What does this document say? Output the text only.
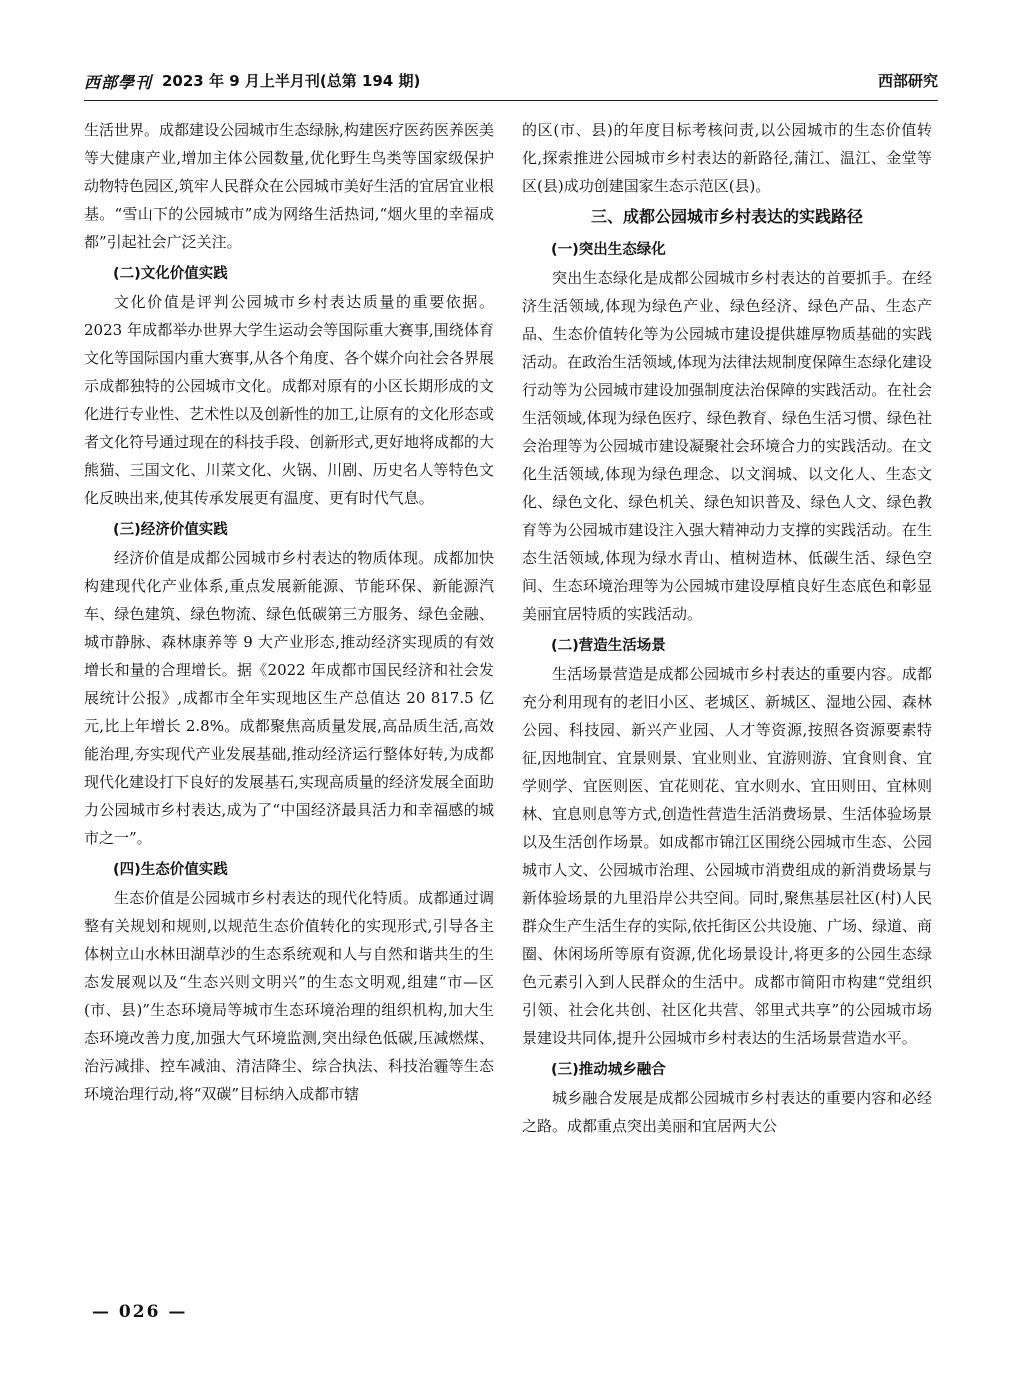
西部學刊 2023 年 9 月上半月刊(总第 194 期)	西部研究

生活世界。成都建设公园城市生态绿脉,构建医疗医药医养医美等大健康产业,增加主体公园数量,优化野生鸟类等国家级保护动物特色园区,筑牢人民群众在公园城市美好生活的宜居宜业根基。“雪山下的公园城市”成为网络生活热词,“烟火里的幸福成都”引起社会广泛关注。

(二)文化价值实践

文化价值是评判公园城市乡村表达质量的重要依据。2023 年成都举办世界大学生运动会等国际重大赛事,围绕体育文化等国际国内重大赛事,从各个角度、各个媒介向社会各界展示成都独特的公园城市文化。成都对原有的小区长期形成的文化进行专业性、艺术性以及创新性的加工,让原有的文化形态或者文化符号通过现在的科技手段、创新形式,更好地将成都的大熊猫、三国文化、川菜文化、火锅、川剧、历史名人等特色文化反映出来,使其传承发展更有温度、更有时代气息。

(三)经济价值实践

经济价值是成都公园城市乡村表达的物质体现。成都加快构建现代化产业体系,重点发展新能源、节能环保、新能源汽车、绿色建筑、绿色物流、绿色低碳第三方服务、绿色金融、城市静脉、森林康养等 9 大产业形态,推动经济实现质的有效增长和量的合理增长。据《2022 年成都市国民经济和社会发展统计公报》,成都市全年实现地区生产总值达 20 817.5 亿元,比上年增长 2.8%。成都聚焦高质量发展,高品质生活,高效能治理,夯实现代产业发展基础,推动经济运行整体好转,为成都现代化建设打下良好的发展基石,实现高质量的经济发展全面助力公园城市乡村表达,成为了“中国经济最具活力和幸福感的城市之一”。

(四)生态价值实践

生态价值是公园城市乡村表达的现代化特质。成都通过调整有关规划和规则,以规范生态价值转化的实现形式,引导各主体树立山水林田湖草沙的生态系统观和人与自然和谐共生的生态发展观以及“生态兴则文明兴”的生态文明观,组建“市—区(市、县)”生态环境局等城市生态环境治理的组织机构,加大生态环境改善力度,加强大气环境监测,突出绿色低碳,压减燃煤、治污减排、控车减油、清洁降尘、综合执法、科技治霾等生态环境治理行动,将“双碳”目标纳入成都市辖

的区(市、县)的年度目标考核问责,以公园城市的生态价值转化,探索推进公园城市乡村表达的新路径,蒲江、温江、金堂等区(县)成功创建国家生态示范区(县)。

三、成都公园城市乡村表达的实践路径
(一)突出生态绿化

突出生态绿化是成都公园城市乡村表达的首要抓手。在经济生活领域,体现为绿色产业、绿色经济、绿色产品、生态产品、生态价值转化等为公园城市建设提供雄厚物质基础的实践活动。在政治生活领域,体现为法律法规制度保障生态绿化建设行动等为公园城市建设加强制度法治保障的实践活动。在社会生活领域,体现为绿色医疗、绿色教育、绿色生活习惯、绿色社会治理等为公园城市建设凝聚社会环境合力的实践活动。在文化生活领域,体现为绿色理念、以文润城、以文化人、生态文化、绿色文化、绿色机关、绿色知识普及、绿色人文、绿色教育等为公园城市建设注入强大精神动力支撑的实践活动。在生态生活领域,体现为绿水青山、植树造林、低碳生活、绿色空间、生态环境治理等为公园城市建设厚植良好生态底色和彰显美丽宜居特质的实践活动。

(二)营造生活场景

生活场景营造是成都公园城市乡村表达的重要内容。成都充分利用现有的老旧小区、老城区、新城区、湿地公园、森林公园、科技园、新兴产业园、人才等资源,按照各资源要素特征,因地制宜、宜景则景、宜业则业、宜游则游、宜食则食、宜学则学、宜医则医、宜花则花、宜水则水、宜田则田、宜林则林、宜息则息等方式,创造性营造生活消费场景、生活体验场景以及生活创作场景。如成都市锦江区围绕公园城市生态、公园城市人文、公园城市治理、公园城市消费组成的新消费场景与新体验场景的九里沿岸公共空间。同时,聚焦基层社区(村)人民群众生产生活生存的实际,依托街区公共设施、广场、绿道、商圈、休闲场所等原有资源,优化场景设计,将更多的公园生态绿色元素引入到人民群众的生活中。成都市简阳市构建“党组织引领、社会化共创、社区化共营、邻里式共享”的公园城市场景建设共同体,提升公园城市乡村表达的生活场景营造水平。

(三)推动城乡融合

城乡融合发展是成都公园城市乡村表达的重要内容和必经之路。成都重点突出美丽和宜居两大公

— 026 —
